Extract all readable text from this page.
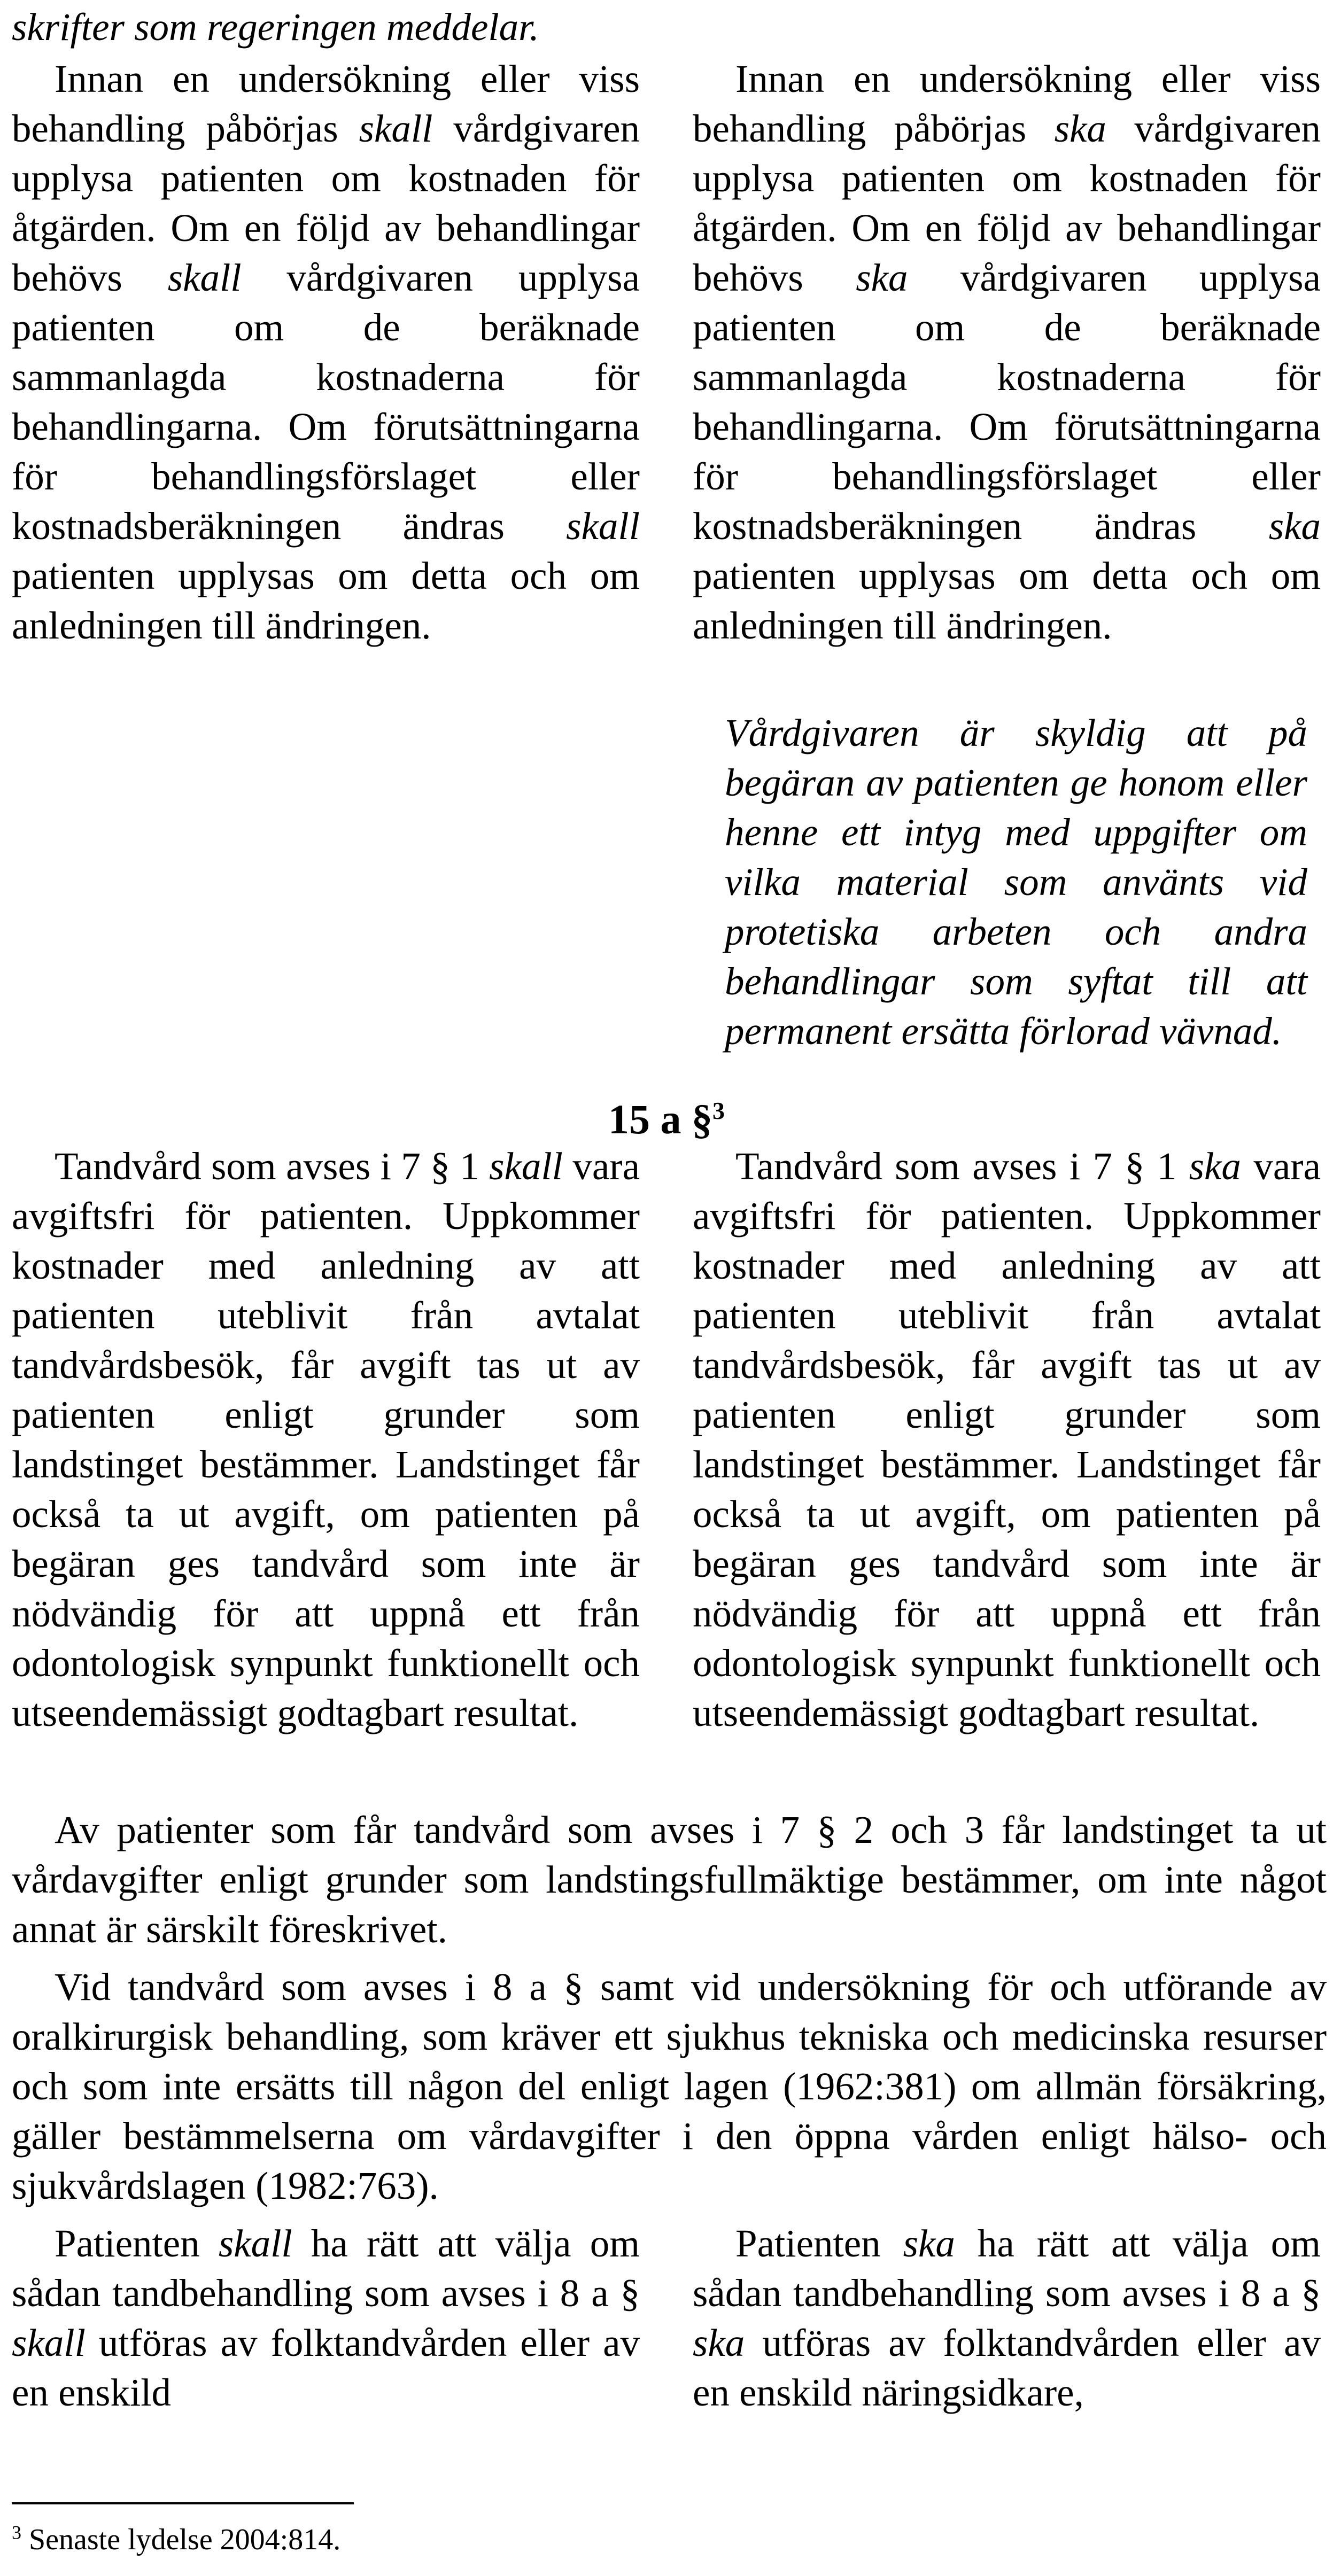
skrifter som regeringen meddelar.

Innan en undersökning eller viss behandling påbörjas skall vårdgivaren upplysa patienten om kostnaden för åtgärden. Om en följd av behandlingar behövs skall vårdgivaren upplysa patienten om de beräknade sammanlagda kostnaderna för behandlingarna. Om förutsättningarna för behandlingsförslaget eller kostnadsberäkningen ändras skall patienten upplysas om detta och om anledningen till ändringen.

Innan en undersökning eller viss behandling påbörjas ska vårdgivaren upplysa patienten om kostnaden för åtgärden. Om en följd av behandlingar behövs ska vårdgivaren upplysa patienten om de beräknade sammanlagda kostnaderna för behandlingarna. Om förutsättningarna för behandlingsförslaget eller kostnadsberäkningen ändras ska patienten upplysas om detta och om anledningen till ändringen.

Vårdgivaren är skyldig att på begäran av patienten ge honom eller henne ett intyg med uppgifter om vilka material som använts vid protetiska arbeten och andra behandlingar som syftat till att permanent ersätta förlorad vävnad.

15 a §$^3$

Tandvård som avses i 7 § 1 skall vara avgiftsfri för patienten. Uppkommer kostnader med anledning av att patienten uteblivit från avtalat tandvårdsbesök, får avgift tas ut av patienten enligt grunder som landstinget bestämmer. Landstinget får också ta ut avgift, om patienten på begäran ges tandvård som inte är nödvändig för att uppnå ett från odontologisk synpunkt funktionellt och utseendemässigt godtagbart resultat.

Tandvård som avses i 7 § 1 ska vara avgiftsfri för patienten. Uppkommer kostnader med anledning av att patienten uteblivit från avtalat tandvårdsbesök, får avgift tas ut av patienten enligt grunder som landstinget bestämmer. Landstinget får också ta ut avgift, om patienten på begäran ges tandvård som inte är nödvändig för att uppnå ett från odontologisk synpunkt funktionellt och utseendemässigt godtagbart resultat.

Av patienter som får tandvård som avses i 7 § 2 och 3 får landstinget ta ut vårdavgifter enligt grunder som landstingsfullmäktige bestämmer, om inte något annat är särskilt föreskrivet.

Vid tandvård som avses i 8 a § samt vid undersökning för och utförande av oralkirurgisk behandling, som kräver ett sjukhus tekniska och medicinska resurser och som inte ersätts till någon del enligt lagen (1962:381) om allmän försäkring, gäller bestämmelserna om vårdavgifter i den öppna vården enligt hälso- och sjukvårdslagen (1982:763).

Patienten skall ha rätt att välja om sådan tandbehandling som avses i 8 a § skall utföras av folktandvården eller av en enskild

Patienten ska ha rätt att välja om sådan tandbehandling som avses i 8 a § ska utföras av folktandvården eller av en enskild näringsidkare,

$^3$ Senaste lydelse 2004:814.
